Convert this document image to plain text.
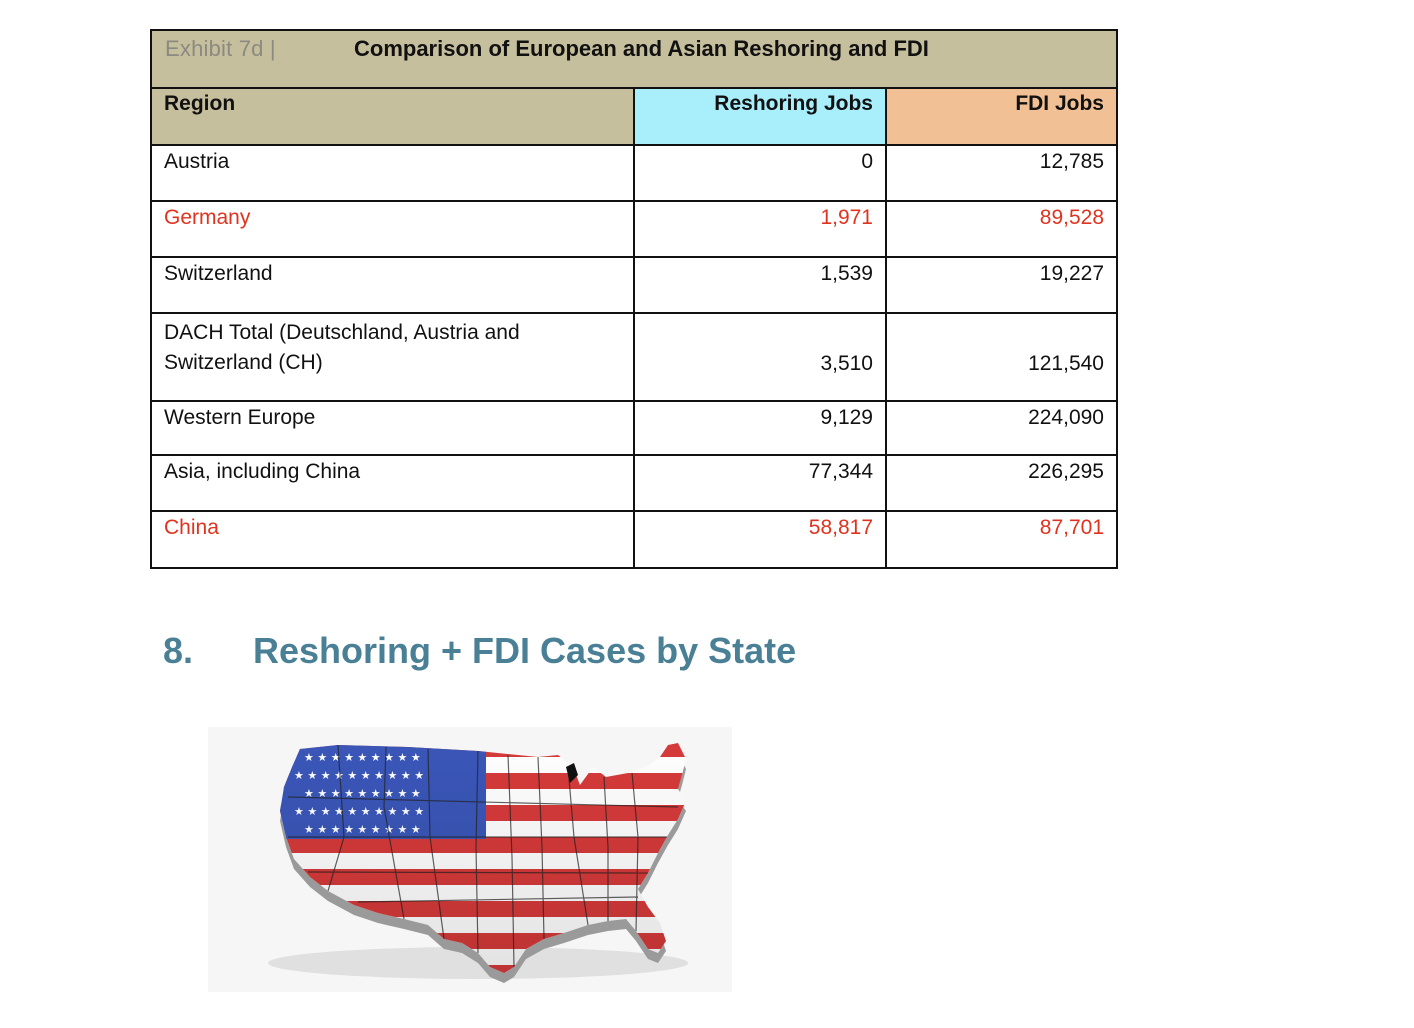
Exhibit 7d |	Comparison of European and Asian Reshoring and FDI
Region	Reshoring Jobs	FDI Jobs
Austria	0	12,785
Germany	1,971	89,528
Switzerland	1,539	19,227

DACH Total (Deutschland, Austria and
Switzerland (CH)	3,510	121,540
Western Europe	9,129	224,090
Asia, including China	77,344	226,295
China	58,817	87,701
8. Reshoring + FDI Cases by State
